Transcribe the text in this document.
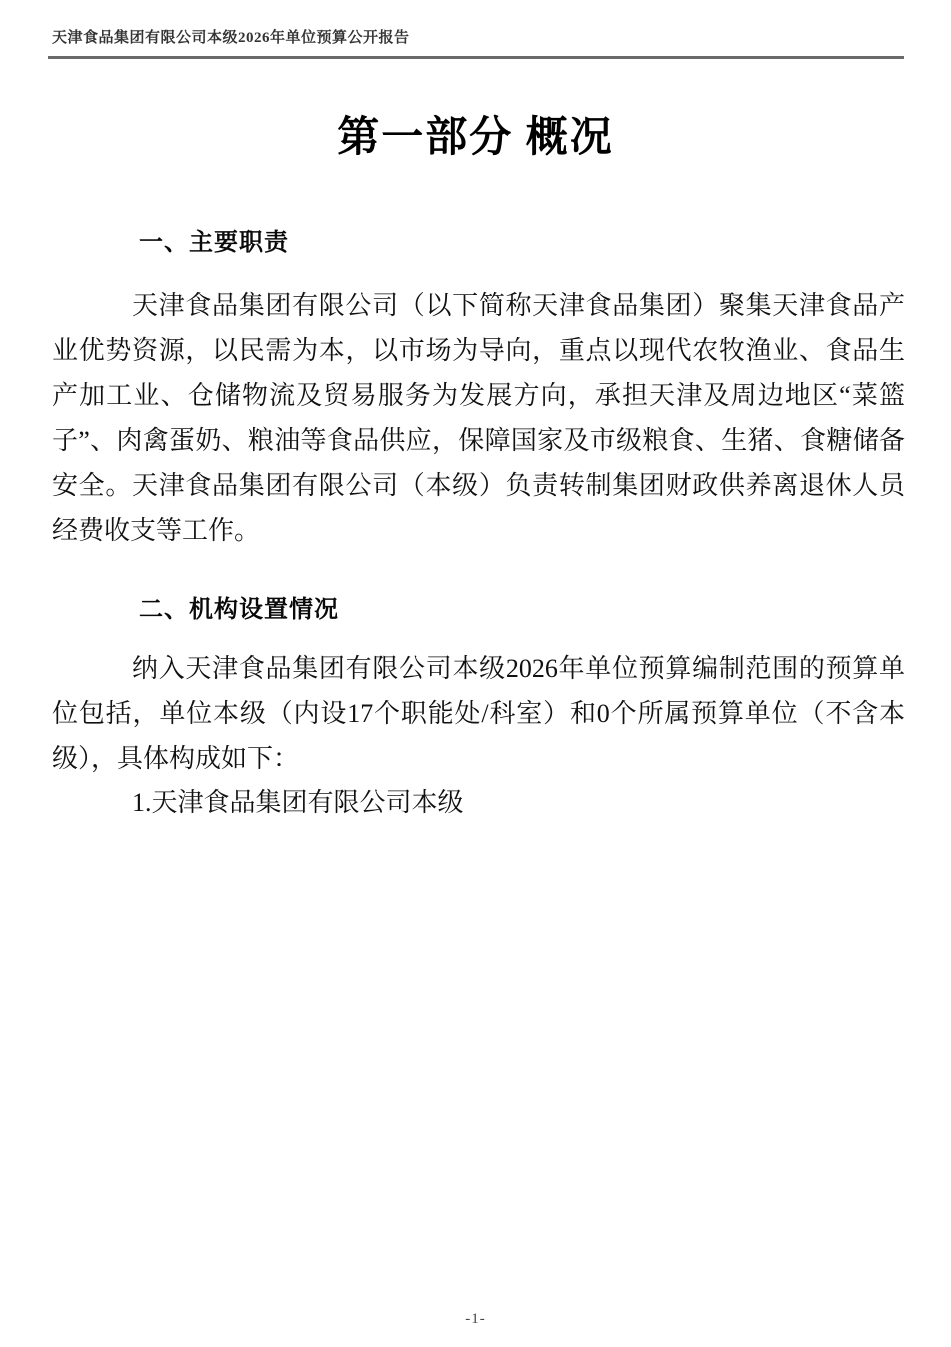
天津食品集团有限公司本级2026年单位预算公开报告
第一部分 概况
一、主要职责
天津食品集团有限公司（以下简称天津食品集团）聚集天津食品产业优势资源，以民需为本，以市场为导向，重点以现代农牧渔业、食品生产加工业、仓储物流及贸易服务为发展方向，承担天津及周边地区“菜篮子”、肉禽蛋奶、粮油等食品供应，保障国家及市级粮食、生猪、食糖储备安全。天津食品集团有限公司（本级）负责转制集团财政供养离退休人员经费收支等工作。
二、机构设置情况
纳入天津食品集团有限公司本级2026年单位预算编制范围的预算单位包括，单位本级（内设17个职能处/科室）和0个所属预算单位（不含本级），具体构成如下：
1.天津食品集团有限公司本级
-1-
